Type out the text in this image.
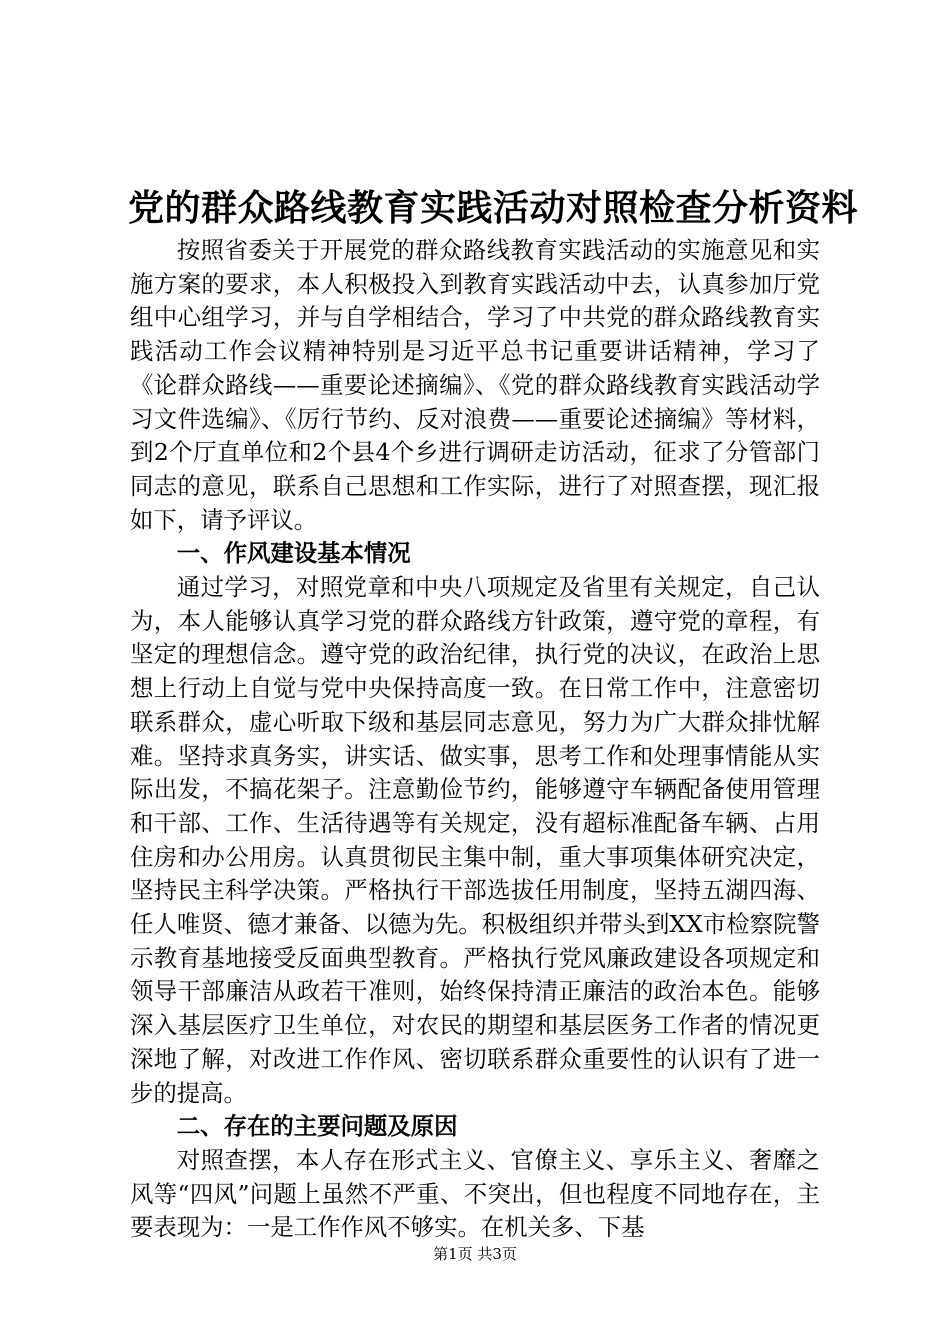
党的群众路线教育实践活动对照检查分析资料

按照省委关于开展党的群众路线教育实践活动的实施意见和实施方案的要求，本人积极投入到教育实践活动中去，认真参加厅党组中心组学习，并与自学相结合，学习了中共党的群众路线教育实践活动工作会议精神特别是习近平总书记重要讲话精神，学习了《论群众路线——重要论述摘编》、《党的群众路线教育实践活动学习文件选编》、《厉行节约、反对浪费——重要论述摘编》等材料，到2个厅直单位和2个县4个乡进行调研走访活动，征求了分管部门同志的意见，联系自己思想和工作实际，进行了对照查摆，现汇报如下，请予评议。

一、作风建设基本情况

通过学习，对照党章和中央八项规定及省里有关规定，自己认为，本人能够认真学习党的群众路线方针政策，遵守党的章程，有坚定的理想信念。遵守党的政治纪律，执行党的决议，在政治上思想上行动上自觉与党中央保持高度一致。在日常工作中，注意密切联系群众，虚心听取下级和基层同志意见，努力为广大群众排忧解难。坚持求真务实，讲实话、做实事，思考工作和处理事情能从实际出发，不搞花架子。注意勤俭节约，能够遵守车辆配备使用管理和干部、工作、生活待遇等有关规定，没有超标准配备车辆、占用住房和办公用房。认真贯彻民主集中制，重大事项集体研究决定，坚持民主科学决策。严格执行干部选拔任用制度，坚持五湖四海、任人唯贤、德才兼备、以德为先。积极组织并带头到XX市检察院警示教育基地接受反面典型教育。严格执行党风廉政建设各项规定和领导干部廉洁从政若干准则，始终保持清正廉洁的政治本色。能够深入基层医疗卫生单位，对农民的期望和基层医务工作者的情况更深地了解，对改进工作作风、密切联系群众重要性的认识有了进一步的提高。

二、存在的主要问题及原因

对照查摆，本人存在形式主义、官僚主义、享乐主义、奢靡之风等“四风”问题上虽然不严重、不突出，但也程度不同地存在，主要表现为：一是工作作风不够实。在机关多、下基

第1页 共3页
